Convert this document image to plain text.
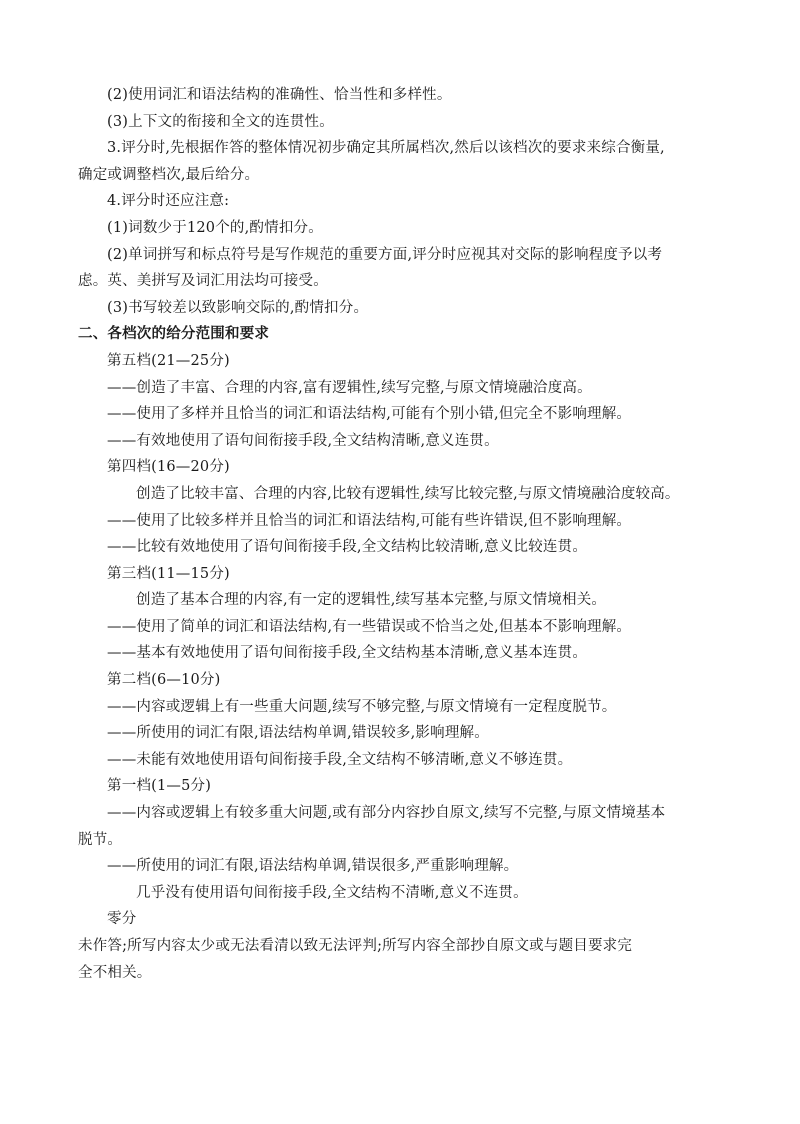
(2)使用词汇和语法结构的准确性、恰当性和多样性。
(3)上下文的衔接和全文的连贯性。
3.评分时,先根据作答的整体情况初步确定其所属档次,然后以该档次的要求来综合衡量,
确定或调整档次,最后给分。
4.评分时还应注意:
(1)词数少于120个的,酌情扣分。
(2)单词拼写和标点符号是写作规范的重要方面,评分时应视其对交际的影响程度予以考
虑。英、美拼写及词汇用法均可接受。
(3)书写较差以致影响交际的,酌情扣分。
二、各档次的给分范围和要求
第五档(21—25分)
——创造了丰富、合理的内容,富有逻辑性,续写完整,与原文情境融洽度高。
——使用了多样并且恰当的词汇和语法结构,可能有个别小错,但完全不影响理解。
——有效地使用了语句间衔接手段,全文结构清晰,意义连贯。
第四档(16—20分)
创造了比较丰富、合理的内容,比较有逻辑性,续写比较完整,与原文情境融洽度较高。
——使用了比较多样并且恰当的词汇和语法结构,可能有些许错误,但不影响理解。
——比较有效地使用了语句间衔接手段,全文结构比较清晰,意义比较连贯。
第三档(11—15分)
创造了基本合理的内容,有一定的逻辑性,续写基本完整,与原文情境相关。
——使用了简单的词汇和语法结构,有一些错误或不恰当之处,但基本不影响理解。
——基本有效地使用了语句间衔接手段,全文结构基本清晰,意义基本连贯。
第二档(6—10分)
——内容或逻辑上有一些重大问题,续写不够完整,与原文情境有一定程度脱节。
——所使用的词汇有限,语法结构单调,错误较多,影响理解。
——未能有效地使用语句间衔接手段,全文结构不够清晰,意义不够连贯。
第一档(1—5分)
——内容或逻辑上有较多重大问题,或有部分内容抄自原文,续写不完整,与原文情境基本
脱节。
——所使用的词汇有限,语法结构单调,错误很多,严重影响理解。
几乎没有使用语句间衔接手段,全文结构不清晰,意义不连贯。
零分
未作答;所写内容太少或无法看清以致无法评判;所写内容全部抄自原文或与题目要求完
全不相关。
